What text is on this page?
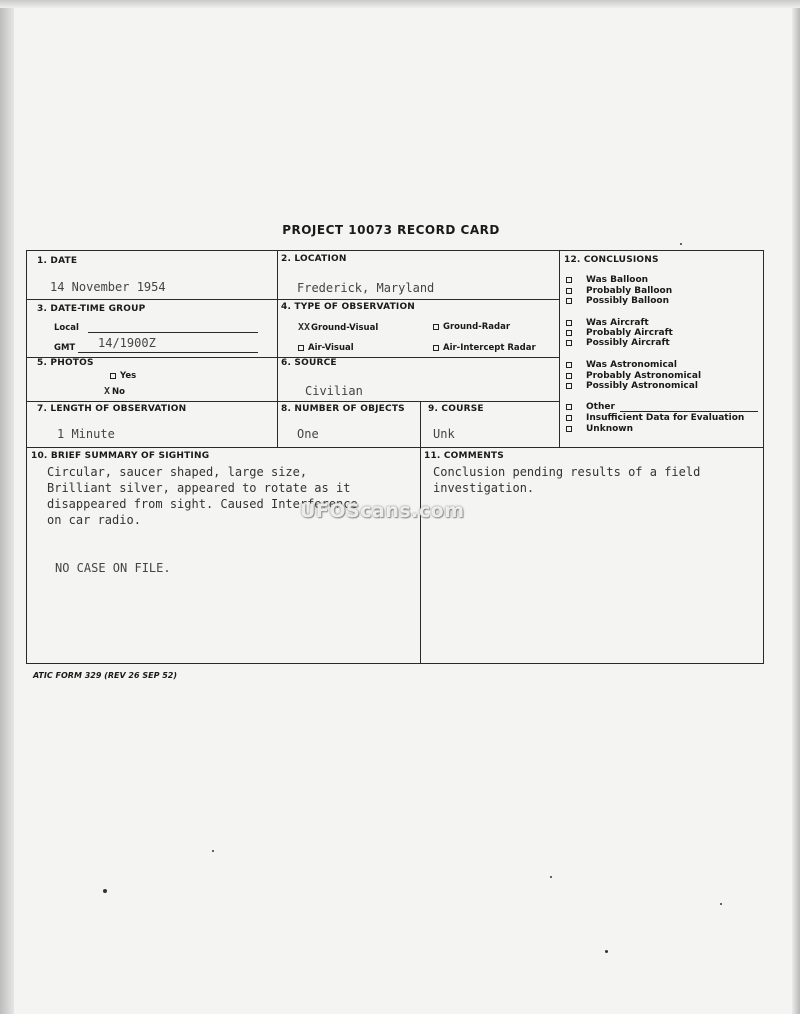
PROJECT 10073 RECORD CARD
1. DATE
14 November 1954
2. LOCATION
Frederick, Maryland
3. DATE-TIME GROUP
Local
GMT 14/1900Z
4. TYPE OF OBSERVATION
XXGround-Visual	Ground-Radar
Air-Visual	Air-Intercept Radar
5. PHOTOS
Yes
X No
6. SOURCE
Civilian
7. LENGTH OF OBSERVATION
1 Minute
8. NUMBER OF OBJECTS
One
9. COURSE
Unk
10. BRIEF SUMMARY OF SIGHTING
Circular, saucer shaped, large size,
Brilliant silver, appeared to rotate as it
disappeared from sight. Caused Interference
on car radio.
NO CASE ON FILE.
11. COMMENTS
Conclusion pending results of a field
investigation.
12. CONCLUSIONS
Was Balloon
Probably Balloon
Possibly Balloon
Was Aircraft
Probably Aircraft
Possibly Aircraft
Was Astronomical
Probably Astronomical
Possibly Astronomical
Other
Insufficient Data for Evaluation
Unknown
UFOScans.com
ATIC FORM 329 (REV 26 SEP 52)
